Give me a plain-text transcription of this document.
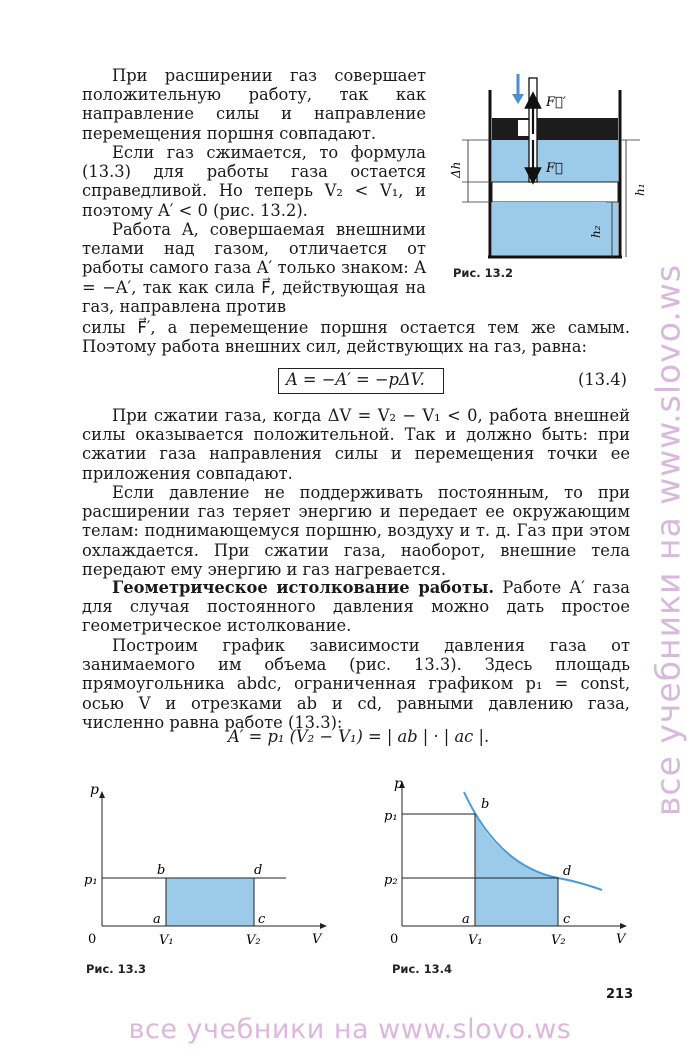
При расширении газ совершает положительную работу, так как направление силы и направление перемещения поршня совпадают.

Если газ сжимается, то формула (13.3) для работы газа остается справедливой. Но теперь V₂ < V₁, и поэтому A′ < 0 (рис. 13.2).

Работа A, совершаемая внешними телами над газом, отличается от работы самого газа A′ только знаком: A = −A′, так как сила F⃗, действующая на газ, направлена против

силы F⃗′, а перемещение поршня остается тем же самым. Поэтому работа внешних сил, действующих на газ, равна:

A = −A′ = −pΔV.	(13.4)

При сжатии газа, когда ΔV = V₂ − V₁ < 0, работа внешней силы оказывается положительной. Так и должно быть: при сжатии газа направления силы и перемещения точки ее приложения совпадают.

Если давление не поддерживать постоянным, то при расширении газ теряет энергию и передает ее окружающим телам: поднимающемуся поршню, воздуху и т. д. Газ при этом охлаждается. При сжатии газа, наоборот, внешние тела передают ему энергию и газ нагревается.

Геометрическое истолкование работы. Работе A′ газа для случая постоянного давления можно дать простое геометрическое истолкование.

Построим график зависимости давления газа от занимаемого им объема (рис. 13.3). Здесь площадь прямоугольника abdc, ограниченная графиком p₁ = const, осью V и отрезками ab и cd, равными давлению газа, численно равна работе (13.3):

A′ = p₁ (V₂ − V₁) = | ab | · | ac |.
F⃗′
F⃗
Δh
h₁
h₂
Рис. 13.2
p
p₁
0	V
V₁	V₂
a
b
c
d
Рис. 13.3
p
p₁
p₂
0	V
V₁	V₂
a
b
c
d
Рис. 13.4
213
все учебники на www.slovo.ws
все учебники на www.slovo.ws
